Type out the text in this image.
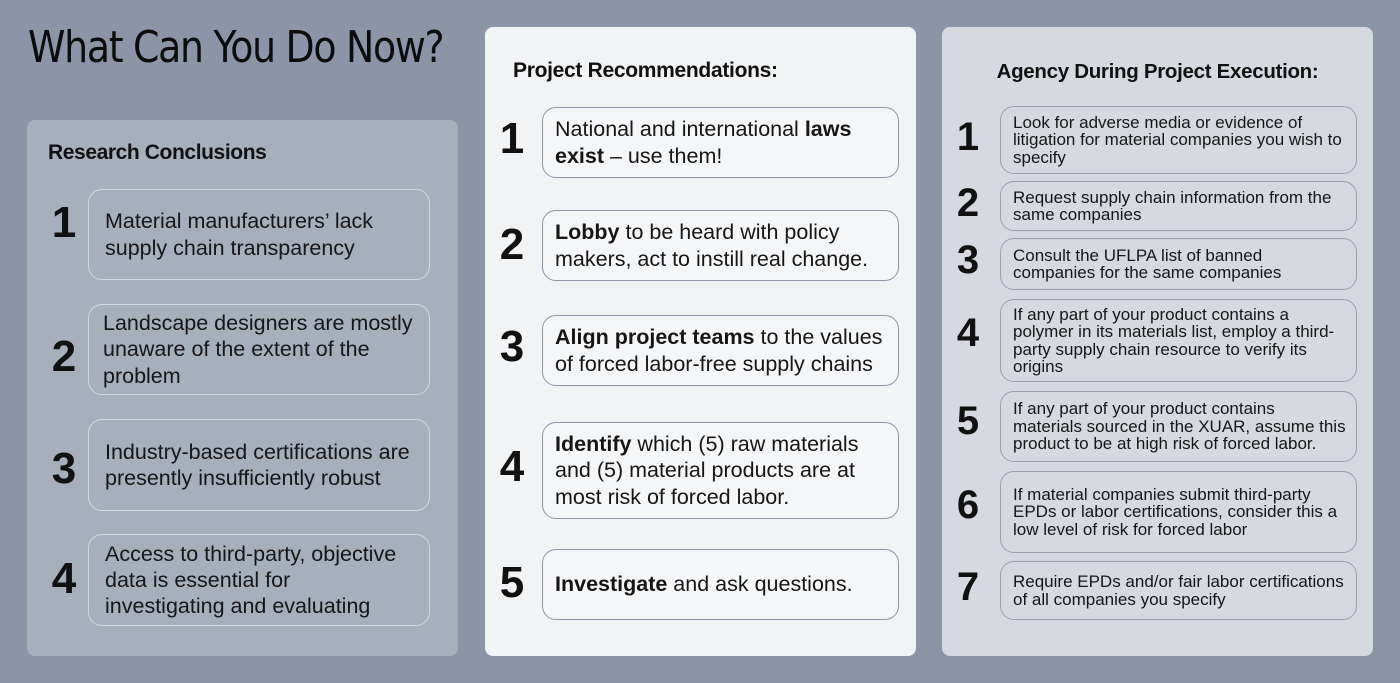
What Can You Do Now?
Research Conclusions
1	Material manufacturers’ lack supply chain transparency
2
Landscape designers are mostly unaware of the extent of the problem
3	Industry-based certifications are presently insufficiently robust
4
Access to third-party, objective data is essential for investigating and evaluating
Project Recommendations:
1	National and international laws exist – use them!
2	Lobby to be heard with policy makers, act to instill real change.
3	Align project teams to the values of forced labor-free supply chains
4	Identify which (5) raw materials and (5) material products are at most risk of forced labor.
5	Investigate and ask questions.
Agency During Project Execution:
1 Look for adverse media or evidence of litigation for material companies you wish to specify
2 Request supply chain information from the same companies
3 Consult the UFLPA list of banned companies for the same companies
4 If any part of your product contains a polymer in its materials list, employ a third-party supply chain resource to verify its origins
5 If any part of your product contains materials sourced in the XUAR, assume this product to be at high risk of forced labor.
6 If material companies submit third-party EPDs or labor certifications, consider this a low level of risk for forced labor
7 Require EPDs and/or fair labor certifications of all companies you specify
